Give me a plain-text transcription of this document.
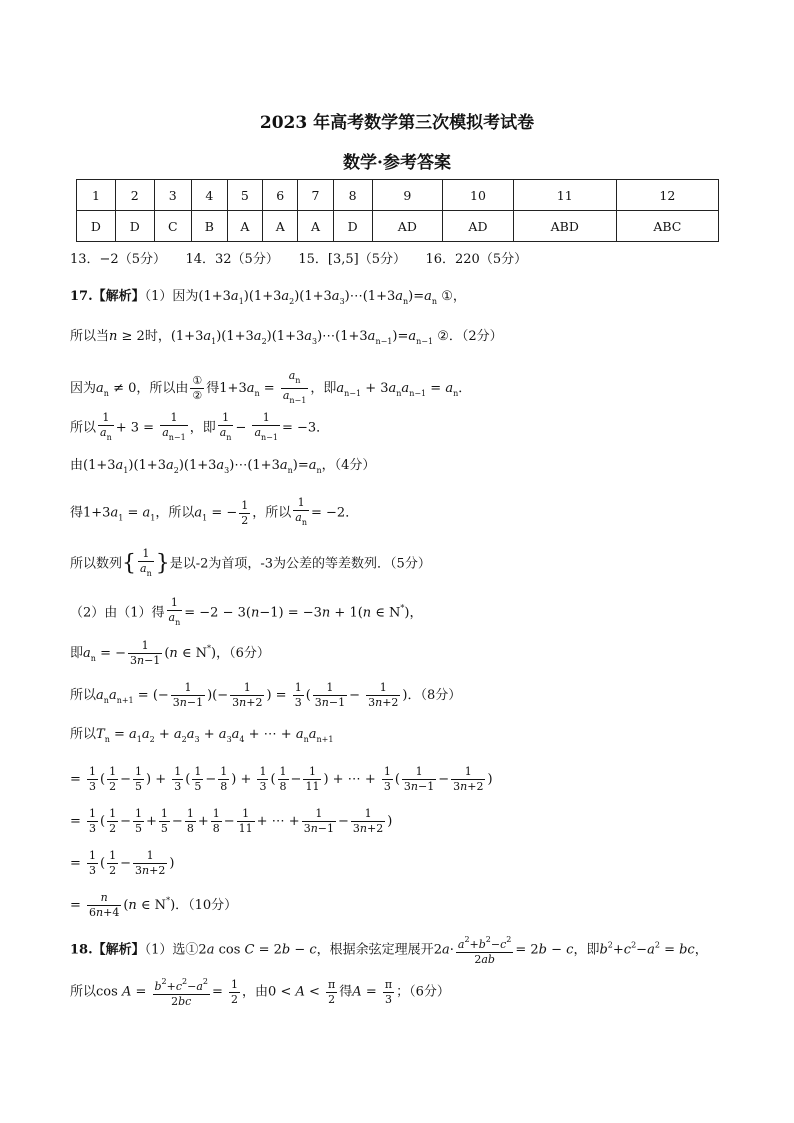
2023 年高考数学第三次模拟考试卷
数学·参考答案
1	2	3	4	5	6	7	8	9	10	11	12
D	D	C	B	A	A	A	D	AD	AD	ABD	ABC
13．−2（5分）　　14．32（5分）　　15．[3,5]（5分）　　16．220（5分）
17.【解析】（1）因为$(1+3a_1)(1+3a_2)(1+3a_3)\cdots(1+3a_n)=a_n$ ①，
所以当n ≥ 2时，$(1+3a_1)(1+3a_2)(1+3a_3)\cdots(1+3a_{n-1})=a_{n-1}$ ②．（2分）
因为$a_n \ne 0$，所以由 $\frac{\text{①}}{\text{②}}$ 得$1+3a_n = \frac{a_n}{a_{n-1}}$ ，即$a_{n-1} + 3a_na_{n-1} = a_n$．
所以 $\frac{1}{a_n} + 3 = \frac{1}{a_{n-1}}$ ，即 $\frac{1}{a_n} - \frac{1}{a_{n-1}} = -3$．
由$(1+3a_1)(1+3a_2)(1+3a_3)\cdots(1+3a_n)=a_n$，（4分）
得$1+3a_1 = a_1$，所以$a_1$ = − $\frac{1}{2}$ ，所以 $\frac{1}{a_n} = -2$．
所以数列{ $\frac{1}{a_n}$ }是以-2为首项，-3为公差的等差数列．（5分）
（2）由（1）得 $\frac{1}{a_n} = -2 - 3(n-1) = -3n + 1(n$ ∈ N*)，
即$a_n$ = − $\frac{1}{3n-1} (n$ ∈ N*)，（6分）
所以$a_na_{n+1}$ = (− $\frac{1}{3n-1}$ )(− $\frac{1}{3n+2}$ ) = $\frac{1}{3}$ ( $\frac{1}{3n-1} - \frac{1}{3n+2}$ )．（8分）
所以$T_n = a_1a_2 + a_2a_3 + a_3a_4$ + ⋯ + $a_na_{n+1}$
= $\frac{1}{3}$ ( $\frac{1}{2} - \frac{1}{5}$ ) + $\frac{1}{3}$ ( $\frac{1}{5} - \frac{1}{8}$ ) + $\frac{1}{3}$ ( $\frac{1}{8} - \frac{1}{11}$ ) + ⋯ + $\frac{1}{3}$ ( $\frac{1}{3n-1} - \frac{1}{3n+2}$ )
= $\frac{1}{3}$ ( $\frac{1}{2} - \frac{1}{5} + \frac{1}{5} - \frac{1}{8} + \frac{1}{8} - \frac{1}{11}$ + ⋯ + $\frac{1}{3n-1} - \frac{1}{3n+2}$ )
= $\frac{1}{3}$ ( $\frac{1}{2} - \frac{1}{3n+2}$ )
= $\frac{n}{6n+4} (n$ ∈ N*)．（10分）
18.【解析】（1）选①2a cos C = 2b − c，根据余弦定理展开$2a\cdot \frac{a^2+b^2-c^2}{2ab} = 2b - c$，即$b^2+c^2-a^2$ = bc，
所以$\cos A = \frac{b^2+c^2-a^2}{2bc} = \frac{1}{2}$ ，由$0 < A < \frac{\pi}{2}$ 得$A = \frac{\pi}{3}$ ；（6分）
